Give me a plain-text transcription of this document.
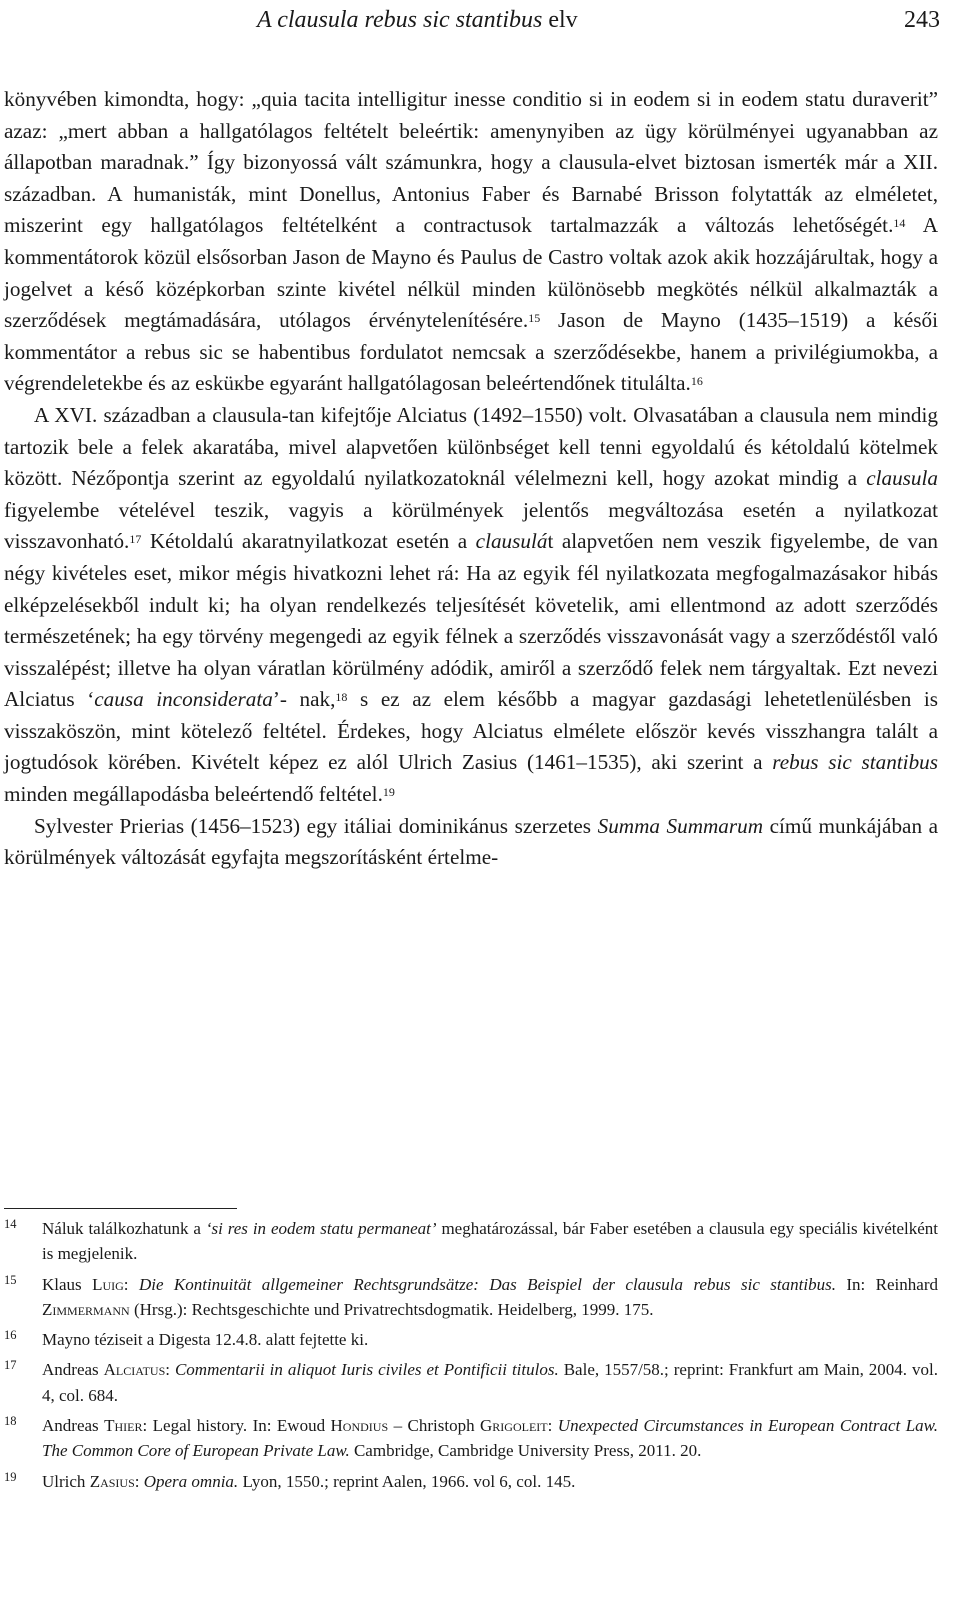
A clausula rebus sic stantibus elv	243

könyvében kimondta, hogy: „quia tacita intelligitur inesse conditio si in eodem si in eodem statu duraverit” azaz: „mert abban a hallgatólagos feltételt beleértik: amenynyiben az ügy körülményei ugyanabban az állapotban maradnak.” Így bizonyossá vált számunkra, hogy a clausula-elvet biztosan ismerték már a XII. században. A humanisták, mint Donellus, Antonius Faber és Barnabé Brisson folytatták az elméletet, miszerint egy hallgatólagos feltételként a contractusok tartalmazzák a változás lehetőségét.$^{14}$ A kommentátorok közül elsősorban Jason de Mayno és Paulus de Castro voltak azok akik hozzájárultak, hogy a jogelvet a késő középkorban szinte kivétel nélkül minden különösebb megkötés nélkül alkalmazták a szerződések megtámadására, utólagos érvénytelenítésére.$^{15}$ Jason de Mayno (1435–1519) a késői kommentátor a rebus sic se habentibus fordulatot nemcsak a szerződésekbe, hanem a privilégiumokba, a végrendeletekbe és az esküкbe egyaránt hallgatólagosan beleértendőnek titulálta.$^{16}$

A XVI. században a clausula-tan kifejtője Alciatus (1492–1550) volt. Olvasatában a clausula nem mindig tartozik bele a felek akaratába, mivel alapvetően különbséget kell tenni egyoldalú és kétoldalú kötelmek között. Nézőpontja szerint az egyoldalú nyilatkozatoknál vélelmezni kell, hogy azokat mindig a clausula figyelembe vételével teszik, vagyis a körülmények jelentős megváltozása esetén a nyilatkozat visszavonható.$^{17}$ Kétoldalú akaratnyilatkozat esetén a clausulát alapvetően nem veszik figyelembe, de van négy kivételes eset, mikor mégis hivatkozni lehet rá: Ha az egyik fél nyilatkozata megfogalmazásakor hibás elképzelésekből indult ki; ha olyan rendelkezés teljesítését követelik, ami ellentmond az adott szerződés természetének; ha egy törvény megengedi az egyik félnek a szerződés visszavonását vagy a szerződéstől való visszalépést; illetve ha olyan váratlan körülmény adódik, amiről a szerződő felek nem tárgyaltak. Ezt nevezi Alciatus ‘causa inconsiderata’- nak,$^{18}$ s ez az elem később a magyar gazdasági lehetetlenülésben is visszaköszön, mint kötelező feltétel. Érdekes, hogy Alciatus elmélete először kevés visszhangra talált a jogtudósok körében. Kivételt képez ez alól Ulrich Zasius (1461–1535), aki szerint a rebus sic stantibus minden megállapodásba beleértendő feltétel.$^{19}$

Sylvester Prierias (1456–1523) egy itáliai dominikánus szerzetes Summa Summarum című munkájában a körülmények változását egyfajta megszorításként értelme-

14 Náluk találkozhatunk a ‘si res in eodem statu permaneat’ meghatározással, bár Faber esetében a clausula egy speciális kivételként is megjelenik.
15 Klaus Luig: Die Kontinuität allgemeiner Rechtsgrundsätze: Das Beispiel der clausula rebus sic stantibus. In: Reinhard Zimmermann (Hrsg.): Rechtsgeschichte und Privatrechtsdogmatik. Heidelberg, 1999. 175.
16 Mayno téziseit a Digesta 12.4.8. alatt fejtette ki.
17 Andreas Alciatus: Commentarii in aliquot Iuris civiles et Pontificii titulos. Bale, 1557/58.; reprint: Frankfurt am Main, 2004. vol. 4, col. 684.
18 Andreas Thier: Legal history. In: Ewoud Hondius – Christoph Grigoleit: Unexpected Circumstances in European Contract Law. The Common Core of European Private Law. Cambridge, Cambridge University Press, 2011. 20.
19 Ulrich Zasius: Opera omnia. Lyon, 1550.; reprint Aalen, 1966. vol 6, col. 145.
